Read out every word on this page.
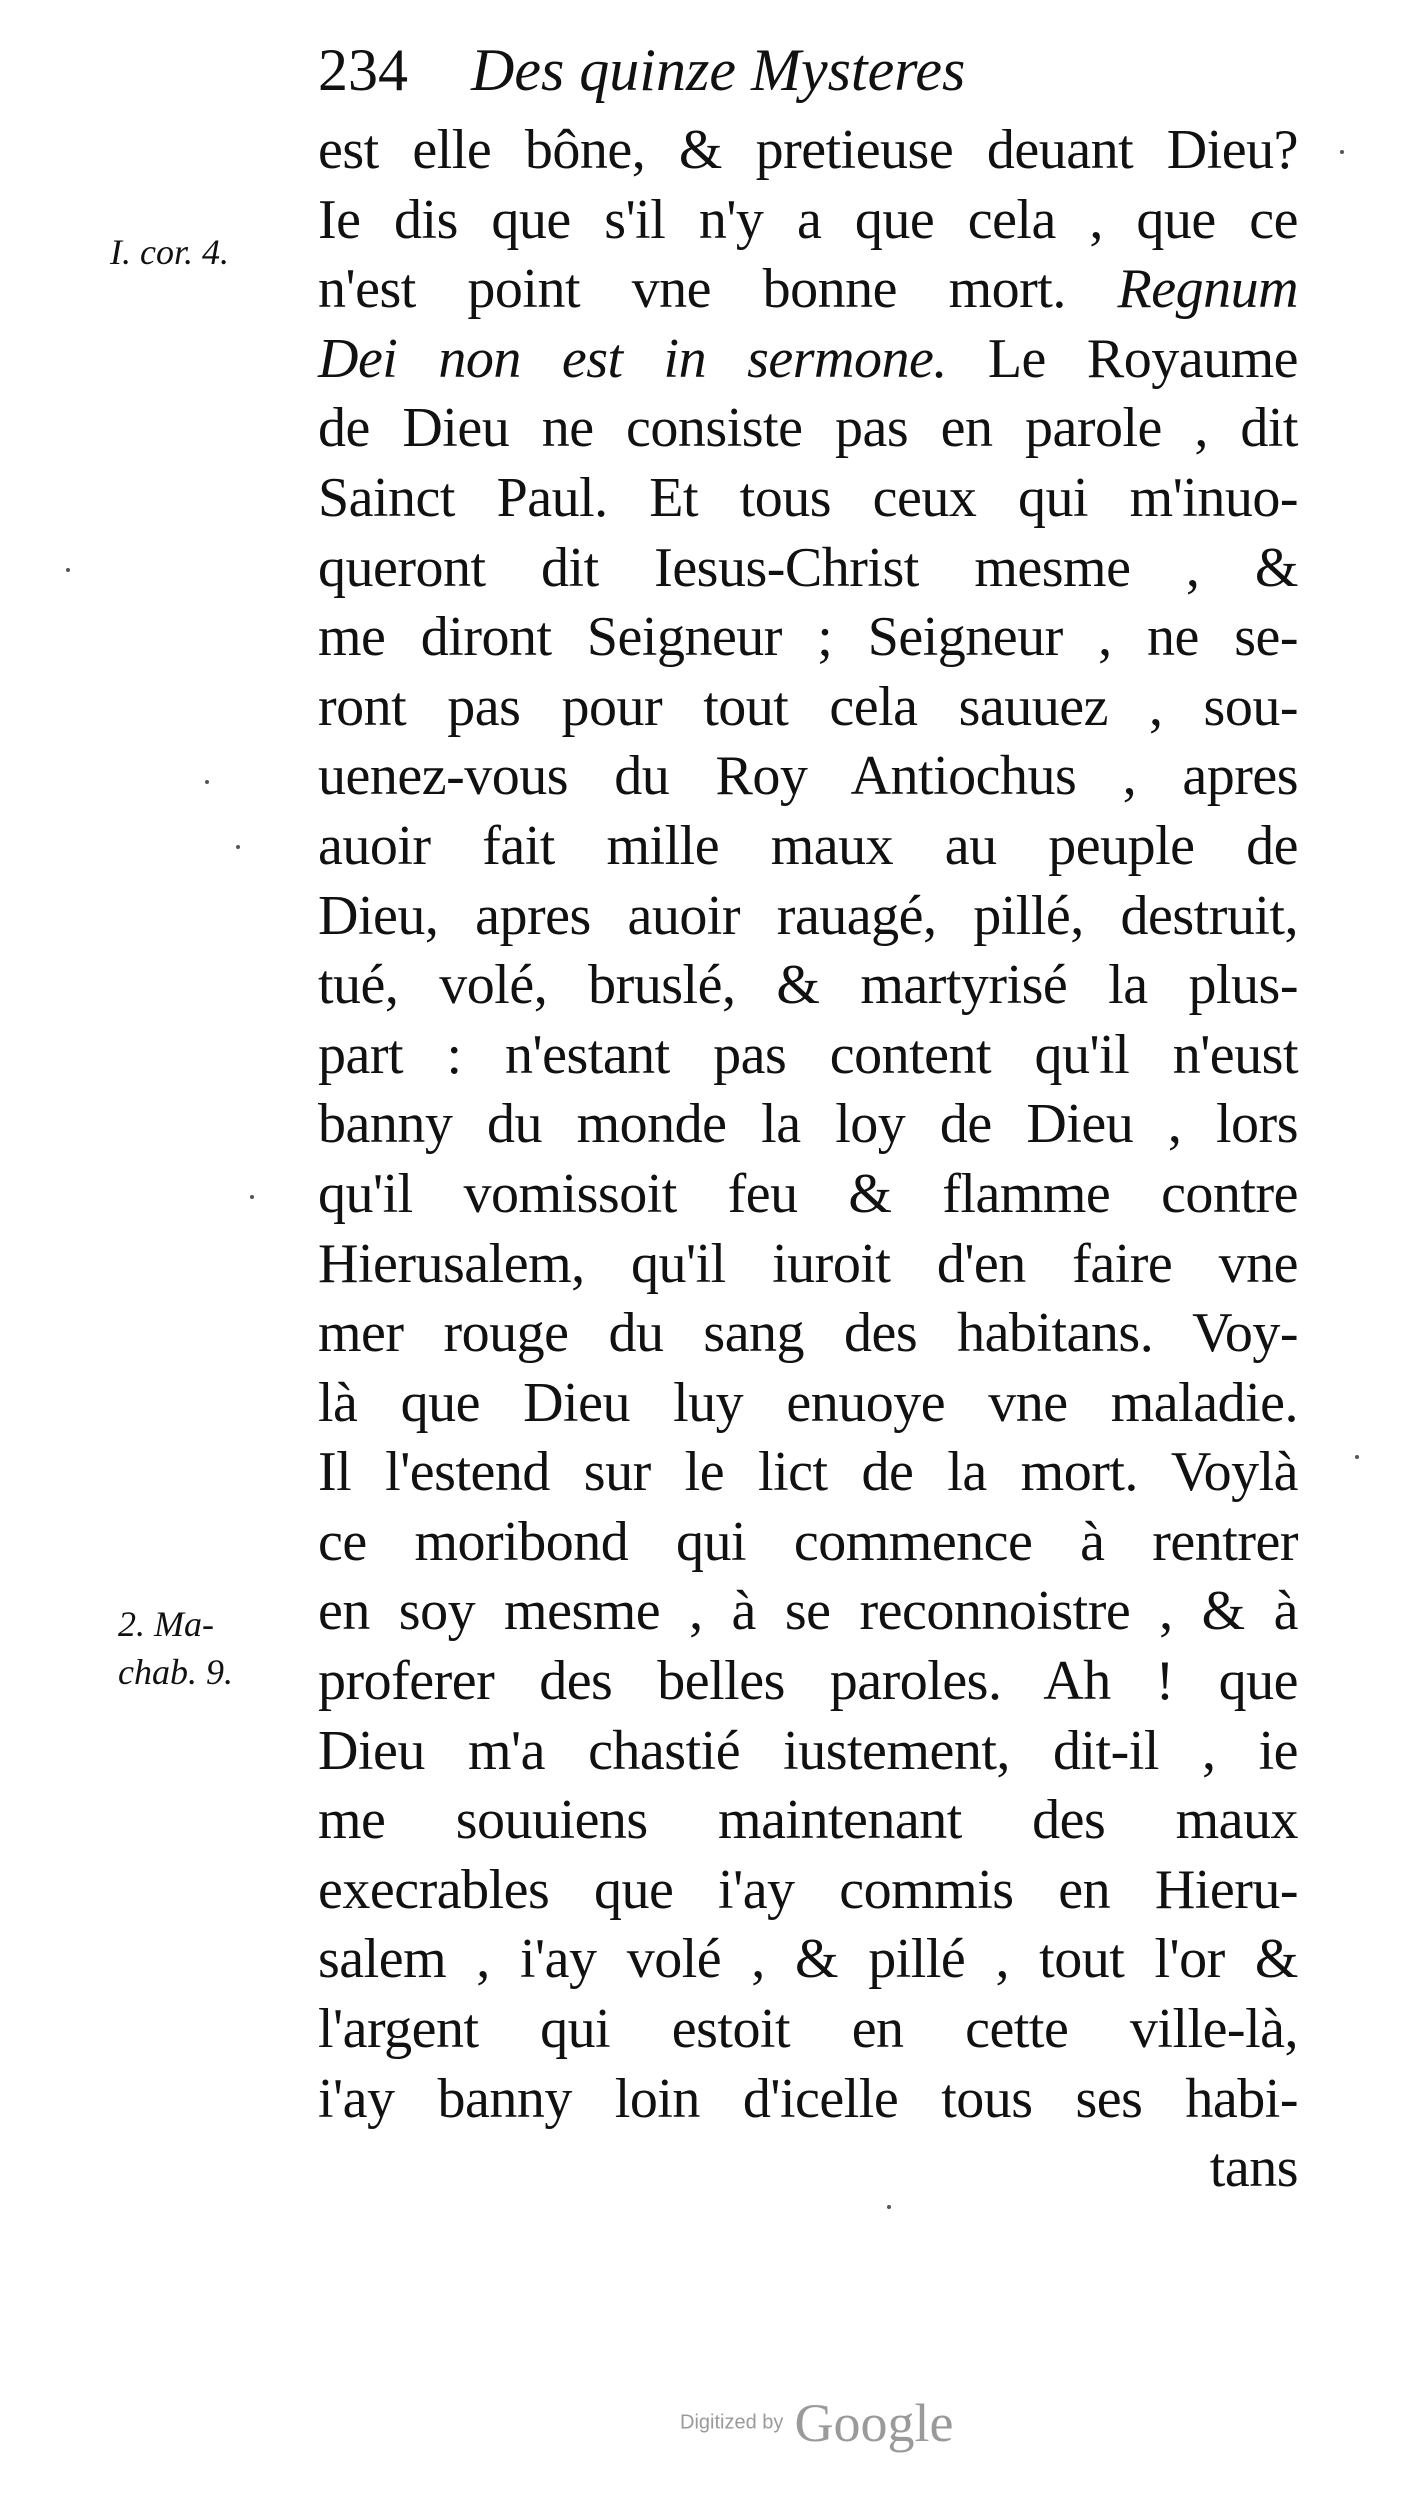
234 Des quinze Mysteres
I. cor. 4.
2. Ma-
chab. 9.
est elle bône, & pretieuse deuant Dieu?
Ie dis que s'il n'y a que cela , que ce
n'est point vne bonne mort. Regnum
Dei non est in sermone. Le Royaume
de Dieu ne consiste pas en parole , dit
Sainct Paul. Et tous ceux qui m'inuo-
queront dit Iesus-Christ mesme , &
me diront Seigneur ; Seigneur , ne se-
ront pas pour tout cela sauuez , sou-
uenez-vous du Roy Antiochus , apres
auoir fait mille maux au peuple de
Dieu, apres auoir rauagé, pillé, destruit,
tué, volé, bruslé, & martyrisé la plus-
part : n'estant pas content qu'il n'eust
banny du monde la loy de Dieu , lors
qu'il vomissoit feu & flamme contre
Hierusalem, qu'il iuroit d'en faire vne
mer rouge du sang des habitans. Voy-
là que Dieu luy enuoye vne maladie.
Il l'estend sur le lict de la mort. Voylà
ce moribond qui commence à rentrer
en soy mesme , à se reconnoistre , & à
proferer des belles paroles. Ah ! que
Dieu m'a chastié iustement, dit-il , ie
me souuiens maintenant des maux
execrables que i'ay commis en Hieru-
salem , i'ay volé , & pillé , tout l'or &
l'argent qui estoit en cette ville-là,
i'ay banny loin d'icelle tous ses habi-
tans
Digitized by Google
